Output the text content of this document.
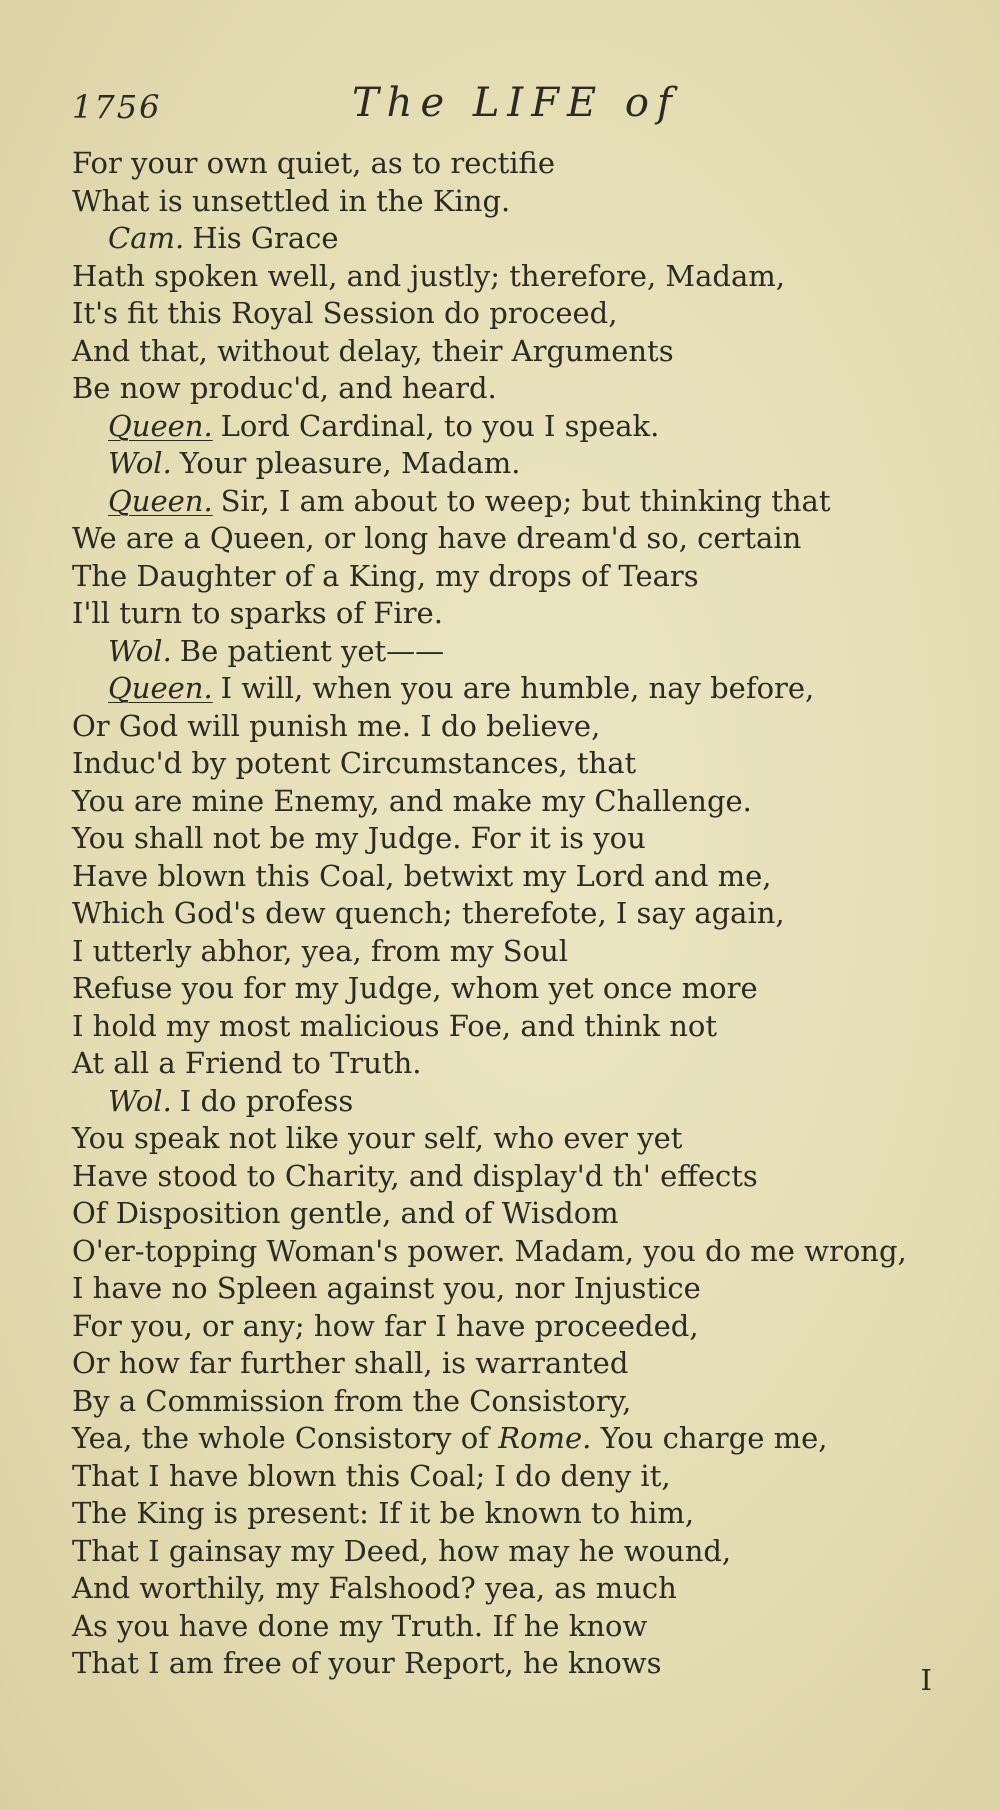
1756	The LIFE of
For your own quiet, as to rectifie
What is unsettled in the King.
Cam. His Grace
Hath spoken well, and justly; therefore, Madam,
It's fit this Royal Session do proceed,
And that, without delay, their Arguments
Be now produc'd, and heard.
Queen. Lord Cardinal, to you I speak.
Wol. Your pleasure, Madam.
Queen. Sir, I am about to weep; but thinking that
We are a Queen, or long have dream'd so, certain
The Daughter of a King, my drops of Tears
I'll turn to sparks of Fire.
Wol. Be patient yet——
Queen. I will, when you are humble, nay before,
Or God will punish me. I do believe,
Induc'd by potent Circumstances, that
You are mine Enemy, and make my Challenge.
You shall not be my Judge. For it is you
Have blown this Coal, betwixt my Lord and me,
Which God's dew quench; therefote, I say again,
I utterly abhor, yea, from my Soul
Refuse you for my Judge, whom yet once more
I hold my most malicious Foe, and think not
At all a Friend to Truth.
Wol. I do profess
You speak not like your self, who ever yet
Have stood to Charity, and display'd th' effects
Of Disposition gentle, and of Wisdom
O'er-topping Woman's power. Madam, you do me wrong,
I have no Spleen against you, nor Injustice
For you, or any; how far I have proceeded,
Or how far further shall, is warranted
By a Commission from the Consistory,
Yea, the whole Consistory of Rome. You charge me,
That I have blown this Coal; I do deny it,
The King is present: If it be known to him,
That I gainsay my Deed, how may he wound,
And worthily, my Falshood? yea, as much
As you have done my Truth. If he know
That I am free of your Report, he knows	I
